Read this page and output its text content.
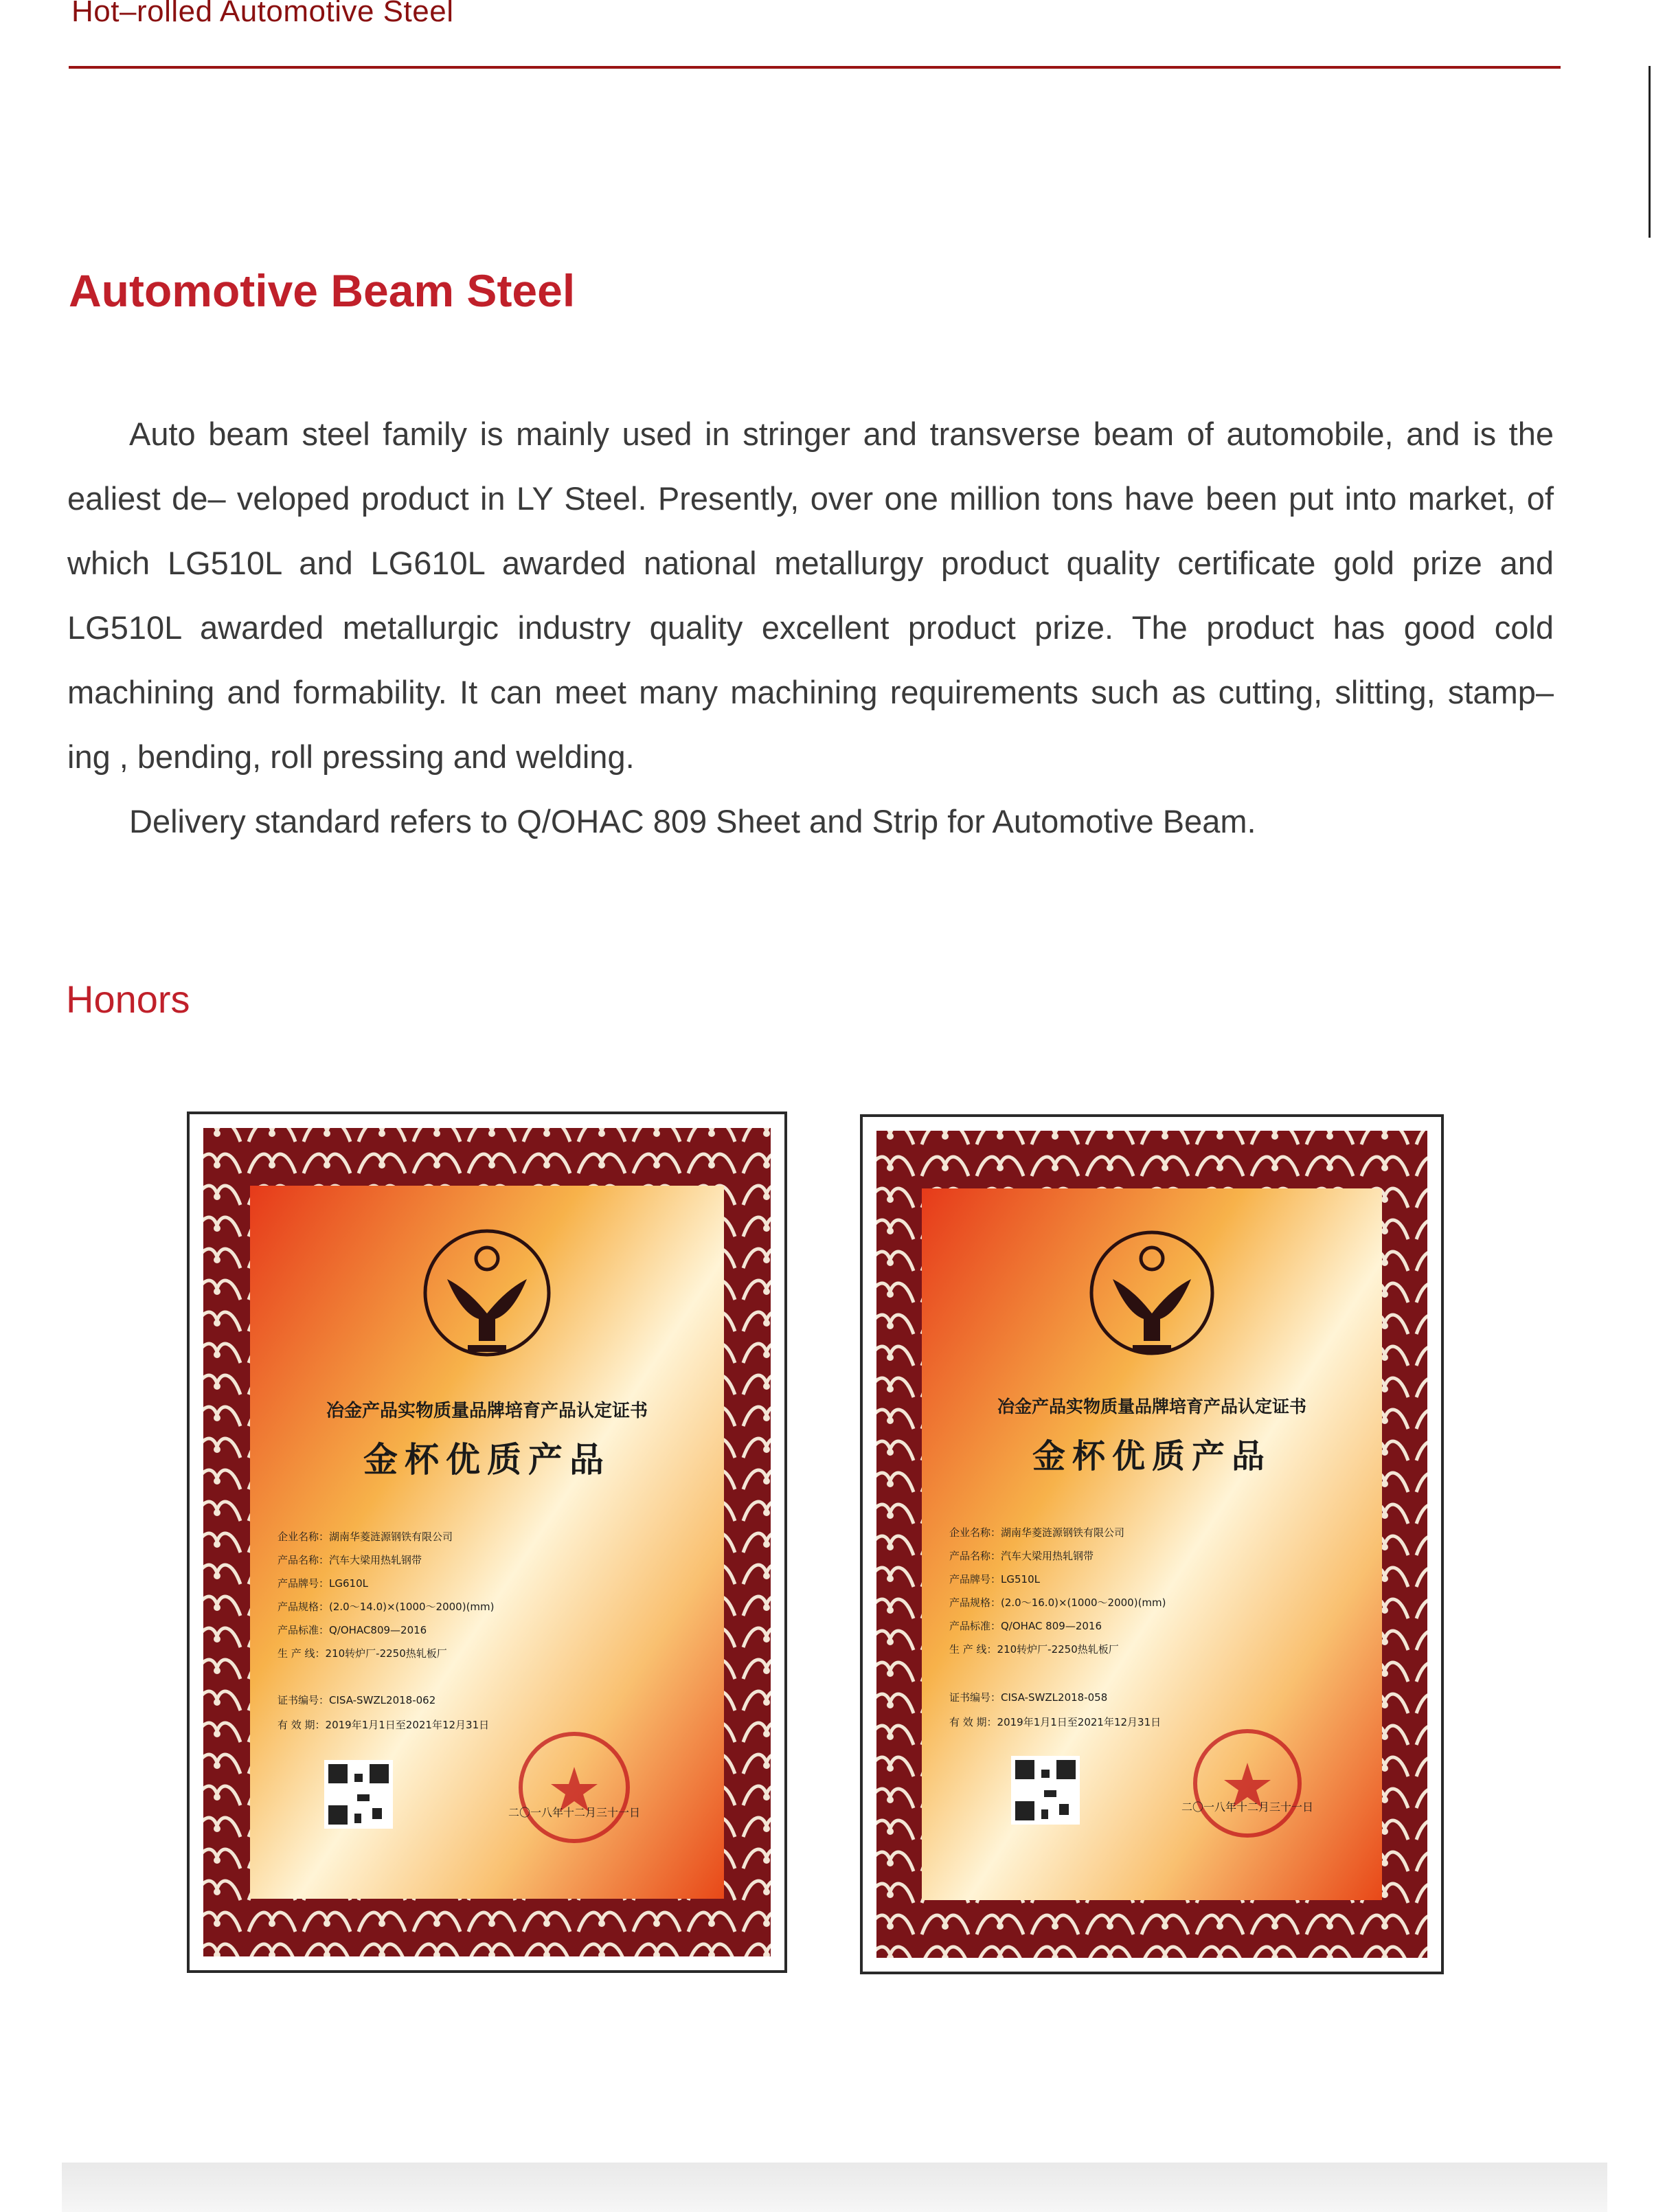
Hot–rolled Automotive Steel
Automotive Beam Steel

Auto beam steel family is mainly used in stringer and transverse beam of automobile, and is the ealiest de– veloped product in LY Steel. Presently, over one million tons have been put into market, of which LG510L and LG610L awarded national metallurgy product quality certificate gold prize and LG510L awarded metallurgic industry quality excellent product prize. The product has good cold machining and formability. It can meet many machining requirements such as cutting, slitting, stamp– ing , bending, roll pressing and welding.

Delivery standard refers to Q/OHAC 809 Sheet and Strip for Automotive Beam.

Honors
冶金产品实物质量品牌培育产品认定证书
金杯优质产品
企业名称：湖南华菱涟源钢铁有限公司
产品名称：汽车大梁用热轧钢带
产品牌号：LG610L
产品规格：(2.0～14.0)×(1000～2000)(mm)
产品标准：Q/OHAC809—2016
生 产 线：210转炉厂-2250热轧板厂
证书编号：CISA-SWZL2018-062
有 效 期：2019年1月1日至2021年12月31日
二〇一八年十二月三十一日
冶金产品实物质量品牌培育产品认定证书
金杯优质产品
企业名称：湖南华菱涟源钢铁有限公司
产品名称：汽车大梁用热轧钢带
产品牌号：LG510L
产品规格：(2.0～16.0)×(1000～2000)(mm)
产品标准：Q/OHAC 809—2016
生 产 线：210转炉厂-2250热轧板厂
证书编号：CISA-SWZL2018-058
有 效 期：2019年1月1日至2021年12月31日
二〇一八年十二月三十一日
